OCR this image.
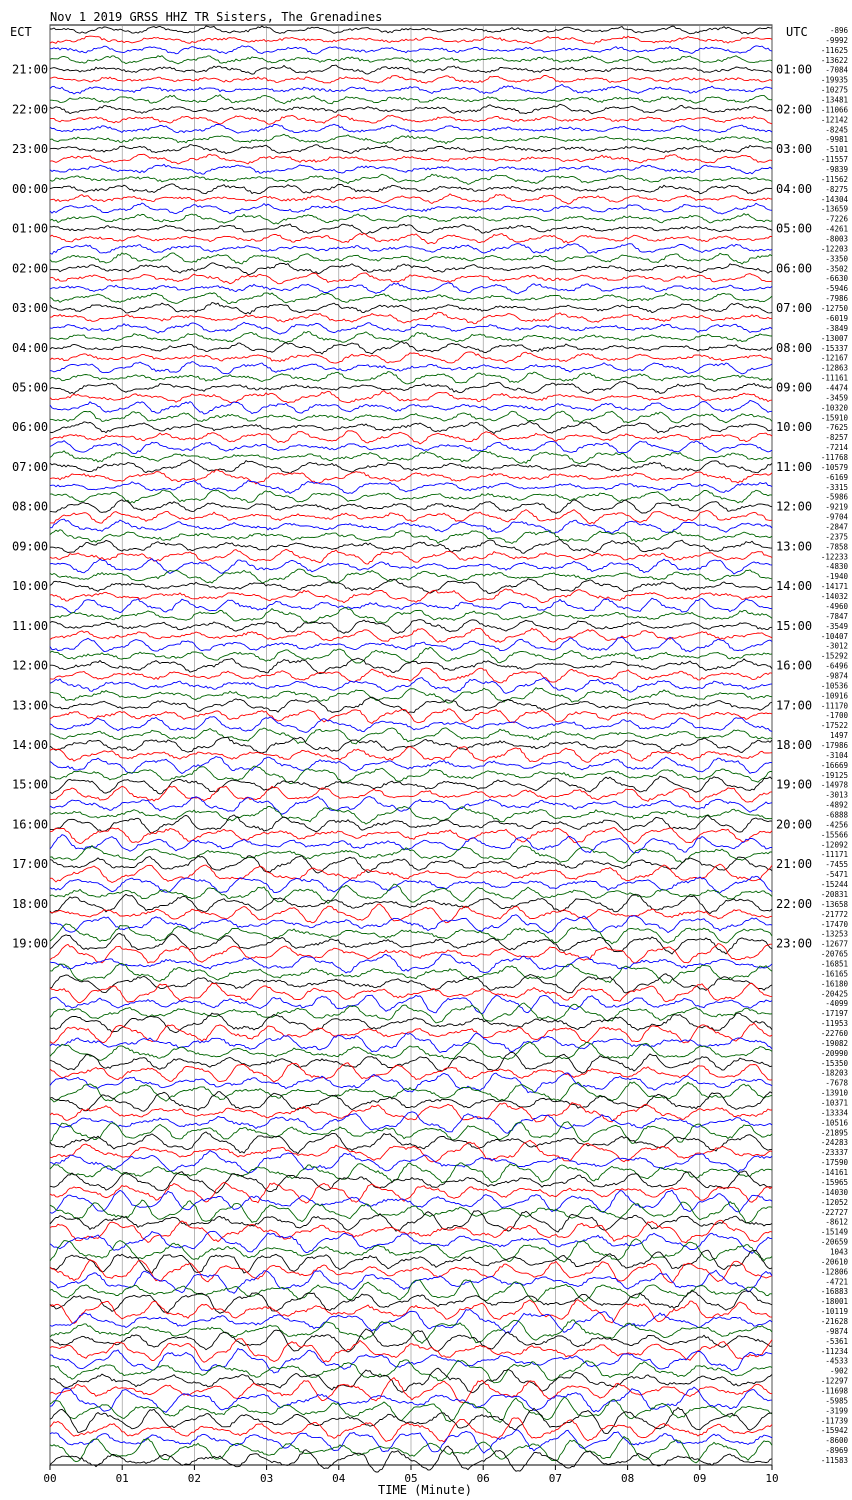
00	01	02	03	04	05	06	07	08	09	10
21:00
22:00
23:00
00:00
01:00
02:00
03:00
04:00
05:00
06:00
07:00
08:00
09:00
10:00
11:00
12:00
13:00
14:00
15:00
16:00
17:00
18:00
19:00
01:00
02:00
03:00
04:00
05:00
06:00
07:00
08:00
09:00
10:00
11:00
12:00
13:00
14:00
15:00
16:00
17:00
18:00
19:00
20:00
21:00
22:00
23:00
-896
-9992
-11625
-13622
-7084
-19935
-10275
-13481
-11066
-12142
-8245
-9981
-5101
-11557
-9839
-11562
-8275
-14304
-13659
-7226
-4261
-8003
-12203
-3350
-3502
-6630
-5946
-7986
-12750
-6019
-3849
-13007
-15337
-12167
-12863
-11161
-4474
-3459
-10320
-15910
-7625
-8257
-7214
-11768
-10579
-6169
-3315
-5986
-9219
-9704
-2847
-2375
-7858
-12233
-4830
-1940
-14171
-14032
-4960
-7847
-3549
-10407
-3012
-15292
-6496
-9874
-10536
-10916
-11170
-1700
-17522
1497
-17986
-3104
-16669
-19125
-14978
-3013
-4892
-6888
-4256
-15566
-12092
-11171
-7455
-5471
-15244
-20831
-13658
-21772
-17470
-13253
-12677
-20765
-16851
-16165
-16180
-20425
-4099
-17197
-11953
-22760
-19082
-20990
-15350
-18203
-7678
-13910
-10371
-13334
-10516
-21895
-24283
-23337
-17590
-14161
-15965
-14030
-12052
-22727
-8612
-15149
-20659
1043
-20610
-12806
-4721
-16883
-18001
-10119
-21628
-9874
-5361
-11234
-4533
-902
-12297
-11698
-5985
-3199
-11739
-15942
-8600
-8969
-11583
Nov 1 2019 GRSS HHZ TR Sisters, The Grenadines
ECT	UTC
TIME (Minute)
